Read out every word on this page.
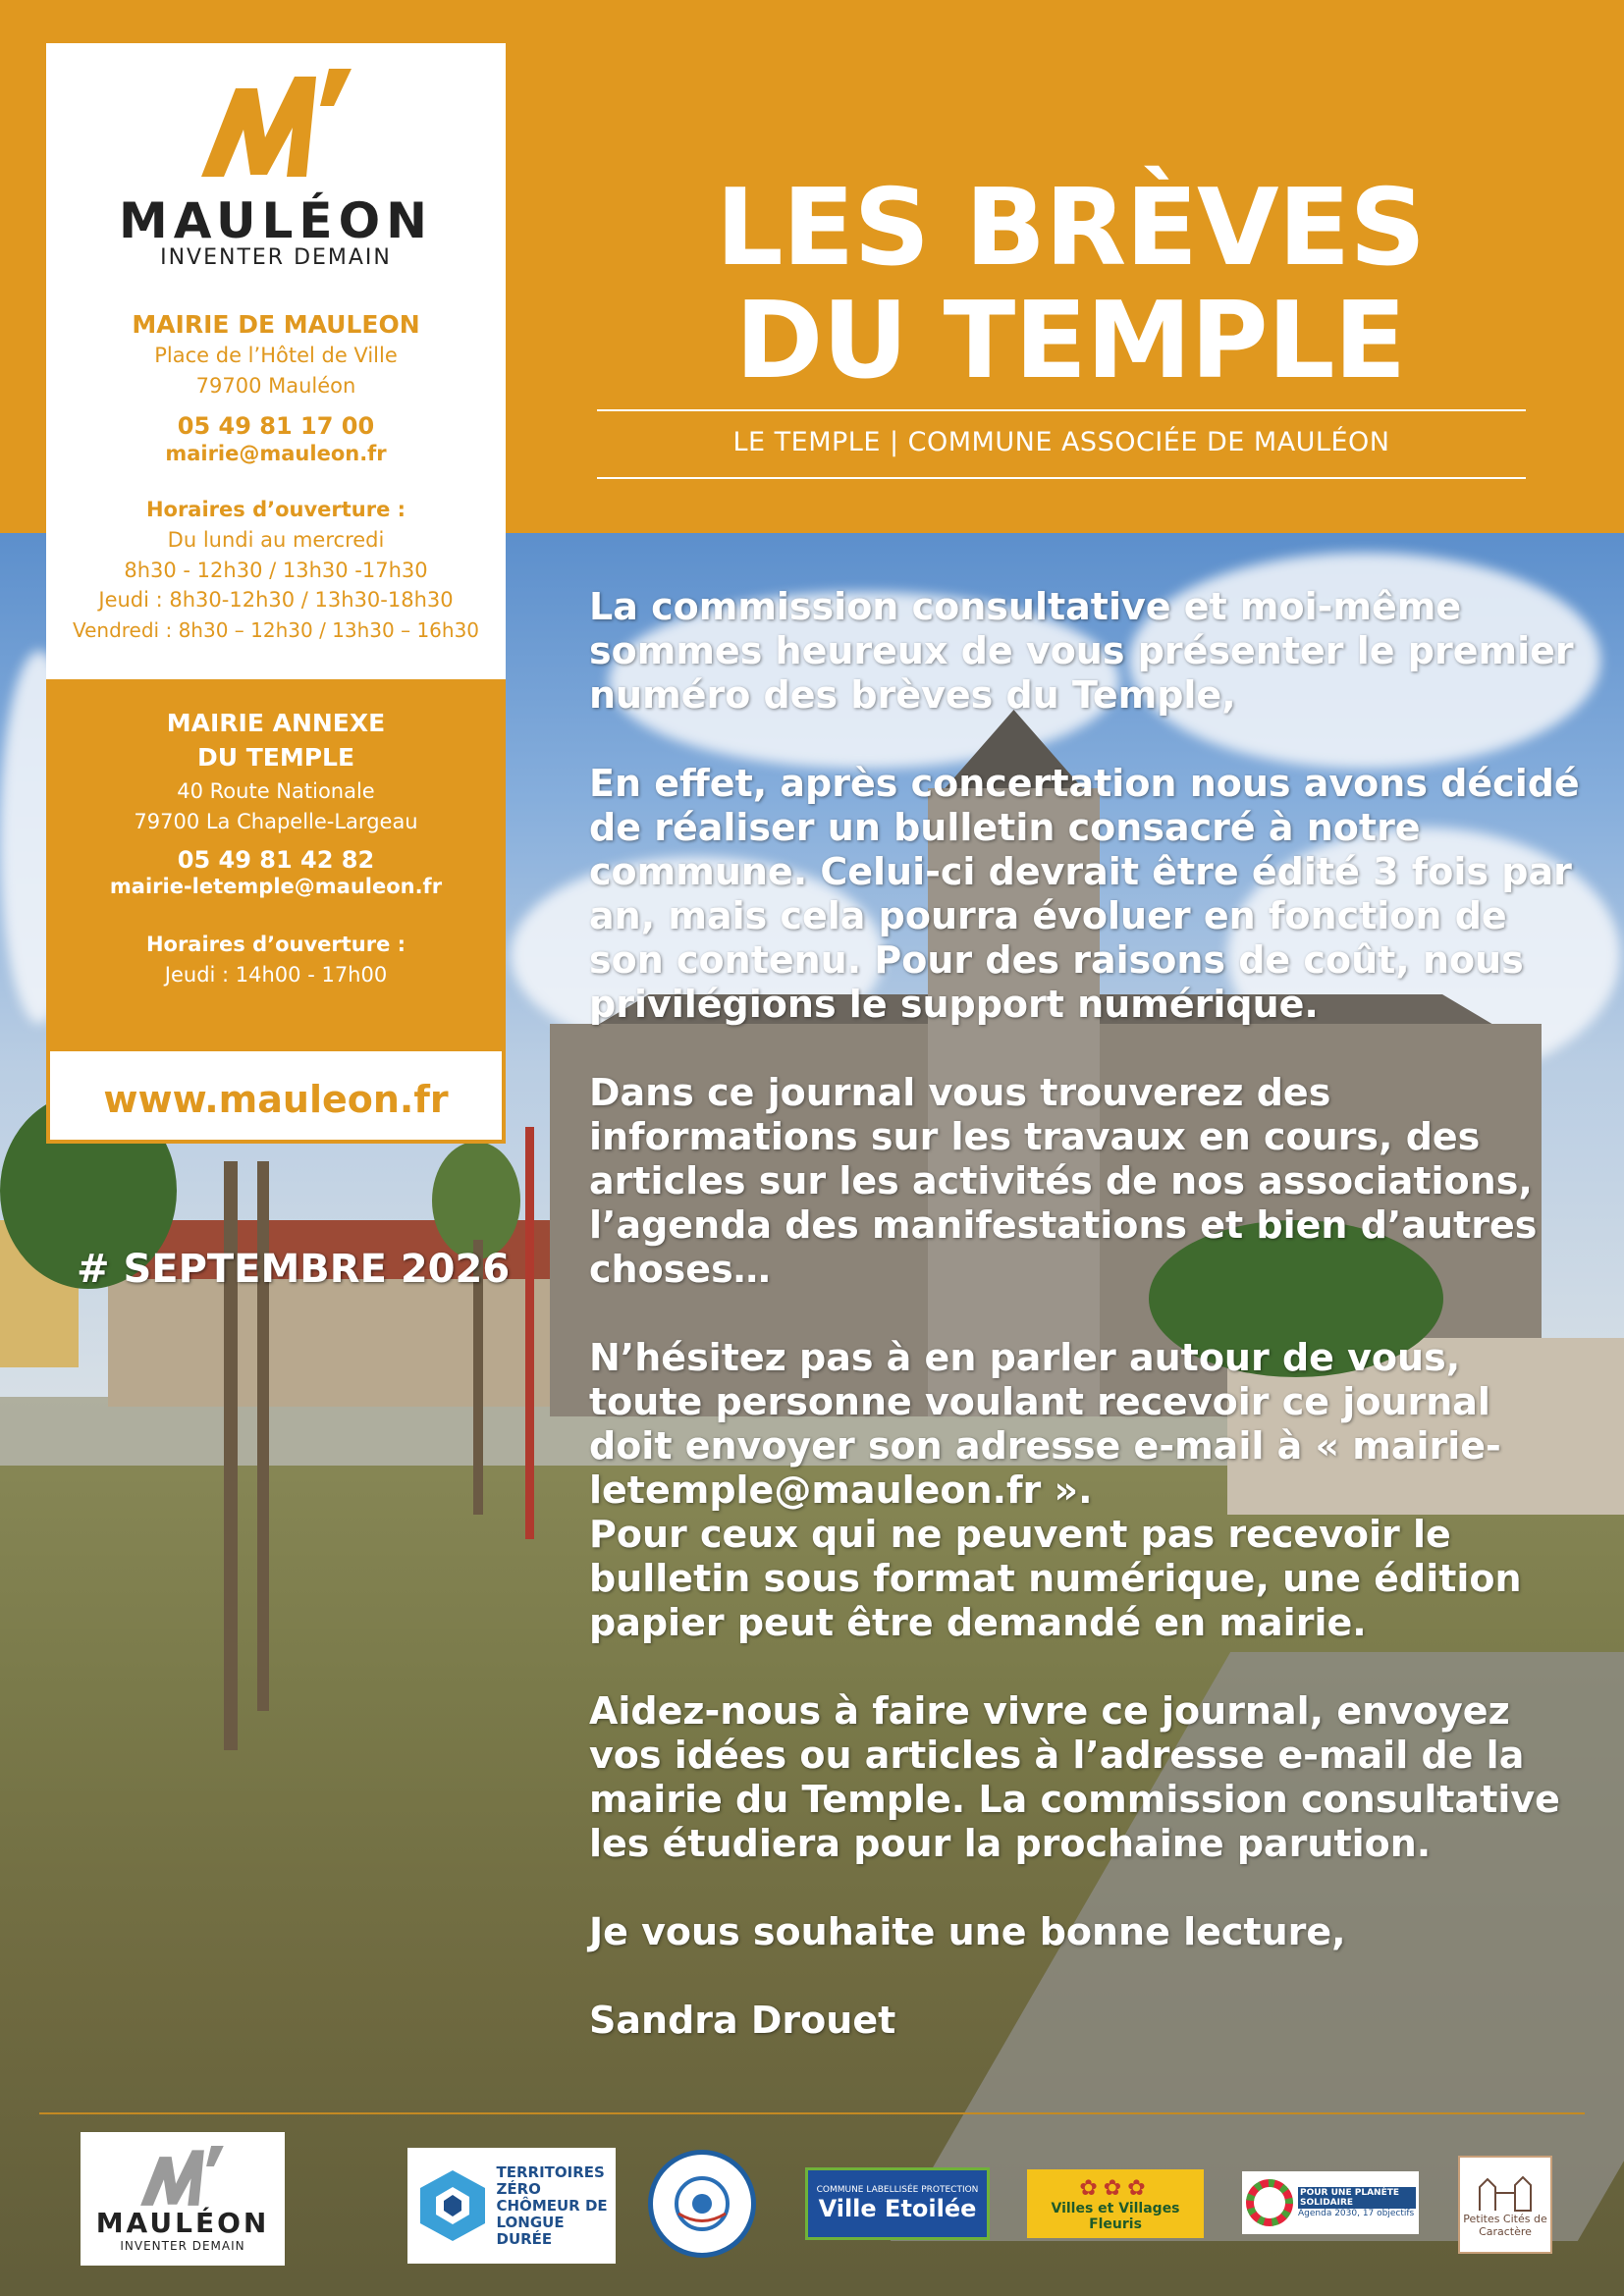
LES BRÈVES
DU TEMPLE
LE TEMPLE | COMMUNE ASSOCIÉE DE MAULÉON
MAULÉON
INVENTER DEMAIN
MAIRIE DE MAULEON
Place de l’Hôtel de Ville
79700 Mauléon
05 49 81 17 00
mairie@mauleon.fr
Horaires d’ouverture :
Du lundi au mercredi
8h30 - 12h30 / 13h30 -17h30
Jeudi : 8h30-12h30 / 13h30-18h30
Vendredi : 8h30 – 12h30 / 13h30 – 16h30
MAIRIE ANNEXE
DU TEMPLE
40 Route Nationale
79700 La Chapelle-Largeau
05 49 81 42 82
mairie-letemple@mauleon.fr
Horaires d’ouverture :
Jeudi : 14h00 - 17h00
www.mauleon.fr
# SEPTEMBRE 2026

La commission consultative et moi-même sommes heureux de vous présenter le premier numéro des brèves du Temple,

En effet, après concertation nous avons décidé de réaliser un bulletin consacré à notre commune. Celui-ci devrait être édité 3 fois par an, mais cela pourra évoluer en fonction de son contenu. Pour des raisons de coût, nous privilégions le support numérique.

Dans ce journal vous trouverez des informations sur les travaux en cours, des articles sur les activités de nos associations, l’agenda des manifestations et bien d’autres choses…

N’hésitez pas à en parler autour de vous, toute personne voulant recevoir ce journal doit envoyer son adresse e-mail à « mairie-letemple@mauleon.fr ».

Pour ceux qui ne peuvent pas recevoir le bulletin sous format numérique, une édition papier peut être demandé en mairie.

Aidez-nous à faire vivre ce journal, envoyez vos idées ou articles à l’adresse e-mail de la mairie du Temple. La commission consultative les étudiera pour la prochaine parution.

Je vous souhaite une bonne lecture,

Sandra Drouet

MAULÉON
INVENTER DEMAIN
TERRITOIRES ZÉRO CHÔMEUR DE LONGUE DURÉE
COMMUNE LABELLISÉE PROTECTION
Ville Etoilée
✿✿✿
Villes et Villages Fleuris
POUR UNE PLANÈTE SOLIDAIRE
Agenda 2030, 17 objectifs	Petites Cités de Caractère
